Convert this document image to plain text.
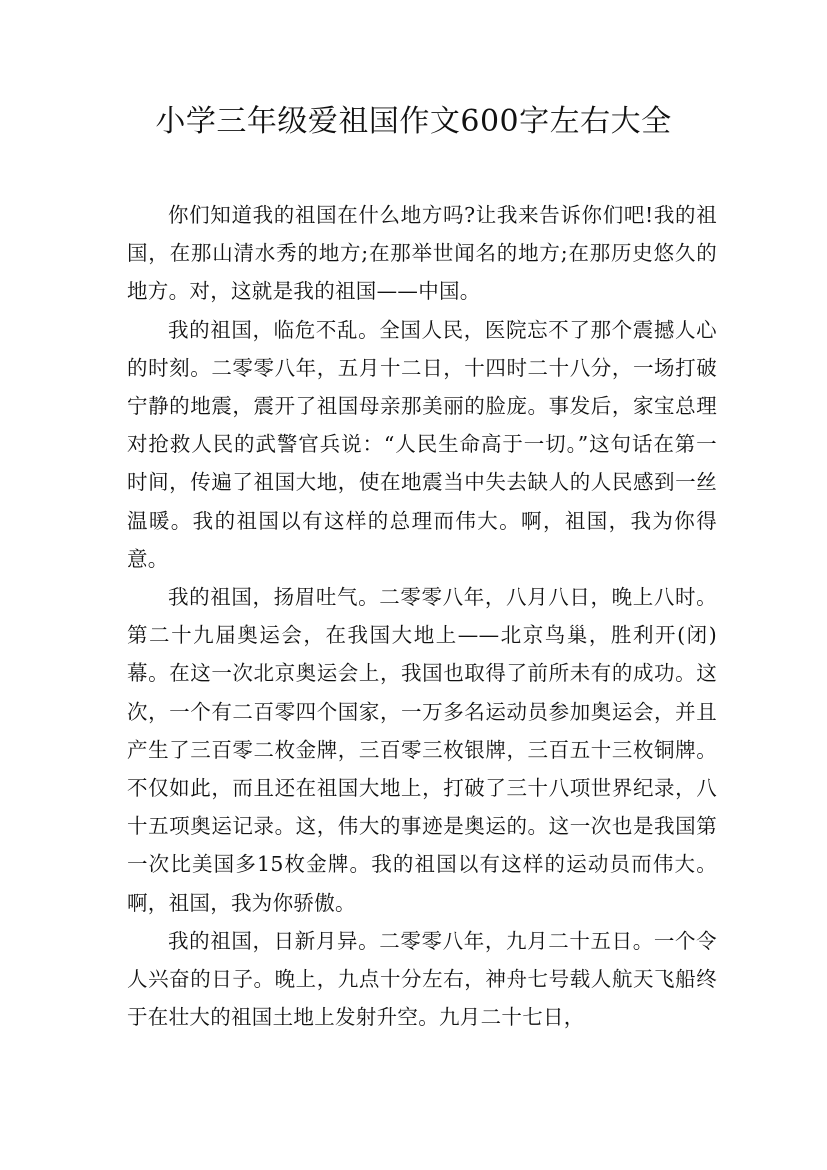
小学三年级爱祖国作文600字左右大全

你们知道我的祖国在什么地方吗?让我来告诉你们吧!我的祖国，在那山清水秀的地方;在那举世闻名的地方;在那历史悠久的地方。对，这就是我的祖国——中国。

我的祖国，临危不乱。全国人民，医院忘不了那个震撼人心的时刻。二零零八年，五月十二日，十四时二十八分，一场打破宁静的地震，震开了祖国母亲那美丽的脸庞。事发后，家宝总理对抢救人民的武警官兵说：“人民生命高于一切。”这句话在第一时间，传遍了祖国大地，使在地震当中失去缺人的人民感到一丝温暖。我的祖国以有这样的总理而伟大。啊，祖国，我为你得意。

我的祖国，扬眉吐气。二零零八年，八月八日，晚上八时。第二十九届奥运会，在我国大地上——北京鸟巢，胜利开(闭)幕。在这一次北京奥运会上，我国也取得了前所未有的成功。这次，一个有二百零四个国家，一万多名运动员参加奥运会，并且产生了三百零二枚金牌，三百零三枚银牌，三百五十三枚铜牌。不仅如此，而且还在祖国大地上，打破了三十八项世界纪录，八十五项奥运记录。这，伟大的事迹是奥运的。这一次也是我国第一次比美国多15枚金牌。我的祖国以有这样的运动员而伟大。啊，祖国，我为你骄傲。

我的祖国，日新月异。二零零八年，九月二十五日。一个令人兴奋的日子。晚上，九点十分左右，神舟七号载人航天飞船终于在壮大的祖国土地上发射升空。九月二十七日，
